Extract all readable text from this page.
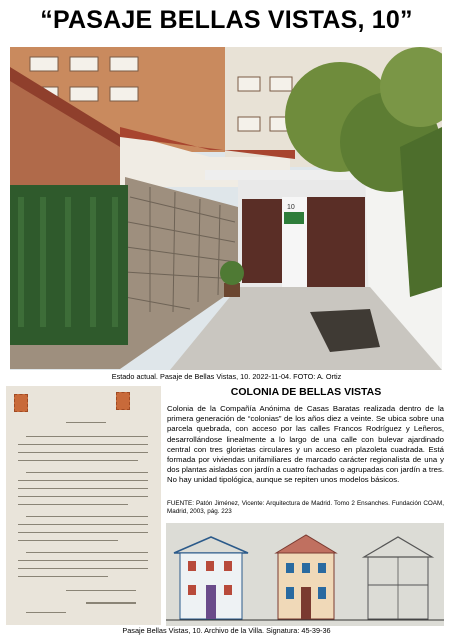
“PASAJE BELLAS VISTAS, 10”
10
Estado actual. Pasaje de Bellas Vistas, 10. 2022-11-04. FOTO: A. Ortiz
COLONIA DE BELLAS VISTAS
Colonia de la Compañía Anónima de Casas Baratas realizada dentro de la primera generación de “colonias” de los años diez a veinte. Se ubica sobre una parcela quebrada, con acceso por las calles Francos Rodríguez y Leñeros, desarrollándose linealmente a lo largo de una calle con bulevar ajardinado central con tres glorietas circulares y un acceso en plazoleta cuadrada. Está formada por viviendas unifamiliares de marcado carácter regionalista de una y dos plantas aisladas con jardín a cuatro fachadas o agrupadas con jardín a tres. No hay unidad tipológica, aunque se repiten unos modelos básicos.
FUENTE: Patón Jiménez, Vicente: Arquitectura de Madrid. Tomo 2 Ensanches. Fundación COAM, Madrid, 2003, pág. 223
Pasaje Bellas Vistas, 10. Archivo de la Villa. Signatura: 45-39-36
